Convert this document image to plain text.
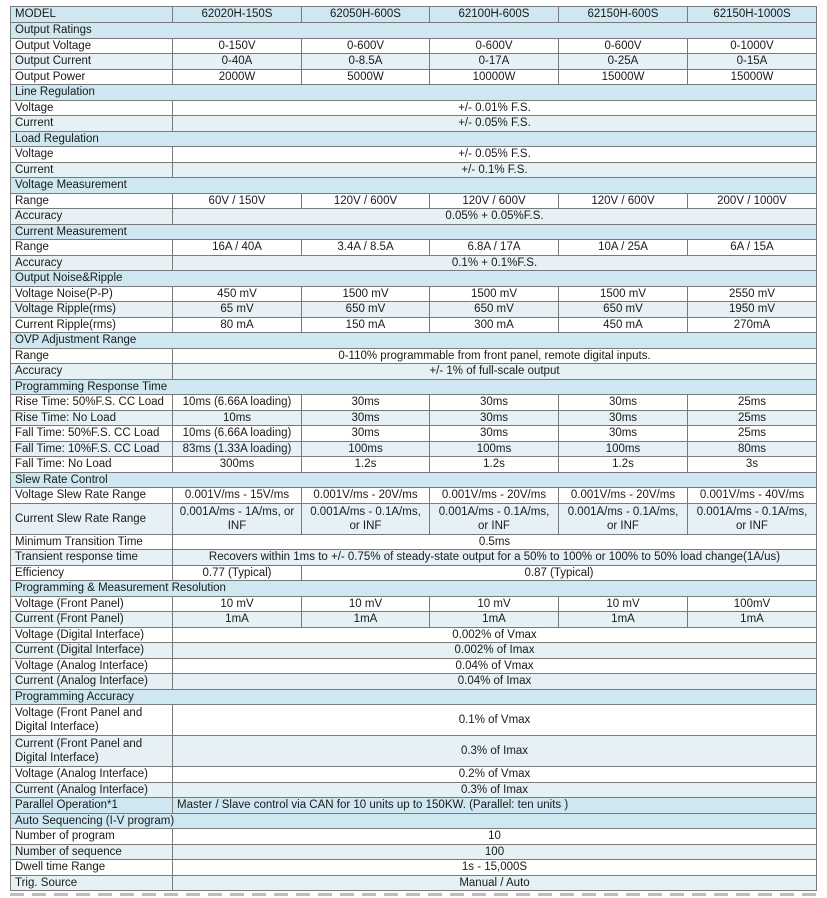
MODEL	62020H-150S	62050H-600S	62100H-600S	62150H-600S	62150H-1000S
Output Ratings					
Output Voltage	0-150V	0-600V	0-600V	0-600V	0-1000V
Output Current	0-40A	0-8.5A	0-17A	0-25A	0-15A
Output Power	2000W	5000W	10000W	15000W	15000W
Line Regulation					
Voltage	+/- 0.01% F.S.				
Current	+/- 0.05% F.S.				
Load Regulation					
Voltage	+/- 0.05% F.S.				
Current	+/- 0.1% F.S.				
Voltage Measurement					
Range	60V / 150V	120V / 600V	120V / 600V	120V / 600V	200V / 1000V
Accuracy	0.05% + 0.05%F.S.				
Current Measurement					
Range	16A / 40A	3.4A / 8.5A	6.8A / 17A	10A / 25A	6A / 15A
Accuracy	0.1% + 0.1%F.S.				
Output Noise&Ripple					
Voltage Noise(P-P)	450 mV	1500 mV	1500 mV	1500 mV	2550 mV
Voltage Ripple(rms)	65 mV	650 mV	650 mV	650 mV	1950 mV
Current Ripple(rms)	80 mA	150 mA	300 mA	450 mA	270mA
OVP Adjustment Range					
Range	0-110% programmable from front panel, remote digital inputs.				
Accuracy	+/- 1% of full-scale output				
Programming Response Time					
Rise Time: 50%F.S. CC Load	10ms (6.66A loading)	30ms	30ms	30ms	25ms
Rise Time: No Load	10ms	30ms	30ms	30ms	25ms
Fall Time: 50%F.S. CC Load	10ms (6.66A loading)	30ms	30ms	30ms	25ms
Fall Time: 10%F.S. CC Load	83ms (1.33A loading)	100ms	100ms	100ms	80ms
Fall Time: No Load	300ms	1.2s	1.2s	1.2s	3s
Slew Rate Control					
Voltage Slew Rate Range	0.001V/ms - 15V/ms	0.001V/ms - 20V/ms	0.001V/ms - 20V/ms	0.001V/ms - 20V/ms	0.001V/ms - 40V/ms
Current Slew Rate Range	0.001A/ms - 1A/ms, or INF	0.001A/ms - 0.1A/ms, or INF	0.001A/ms - 0.1A/ms, or INF	0.001A/ms - 0.1A/ms, or INF	0.001A/ms - 0.1A/ms, or INF
Minimum Transition Time	0.5ms				
Transient response time	Recovers within 1ms to +/- 0.75% of steady-state output for a 50% to 100% or 100% to 50% load change(1A/us)				
Efficiency	0.77 (Typical)	0.87 (Typical)			
Programming & Measurement Resolution					
Voltage (Front Panel)	10 mV	10 mV	10 mV	10 mV	100mV
Current (Front Panel)	1mA	1mA	1mA	1mA	1mA
Voltage (Digital Interface)	0.002% of Vmax				
Current (Digital Interface)	0.002% of Imax				
Voltage (Analog Interface)	0.04% of Vmax				
Current (Analog Interface)	0.04% of Imax				
Programming Accuracy					
Voltage (Front Panel and Digital Interface)	0.1% of Vmax				
Current (Front Panel and Digital Interface)	0.3% of Imax				
Voltage (Analog Interface)	0.2% of Vmax				
Current (Analog Interface)	0.3% of Imax				
Parallel Operation*1	Master / Slave control via CAN for 10 units up to 150KW. (Parallel: ten units )				
Auto Sequencing (I-V program)					
Number of program	10				
Number of sequence	100				
Dwell time Range	1s - 15,000S				
Trig. Source	Manual / Auto				
